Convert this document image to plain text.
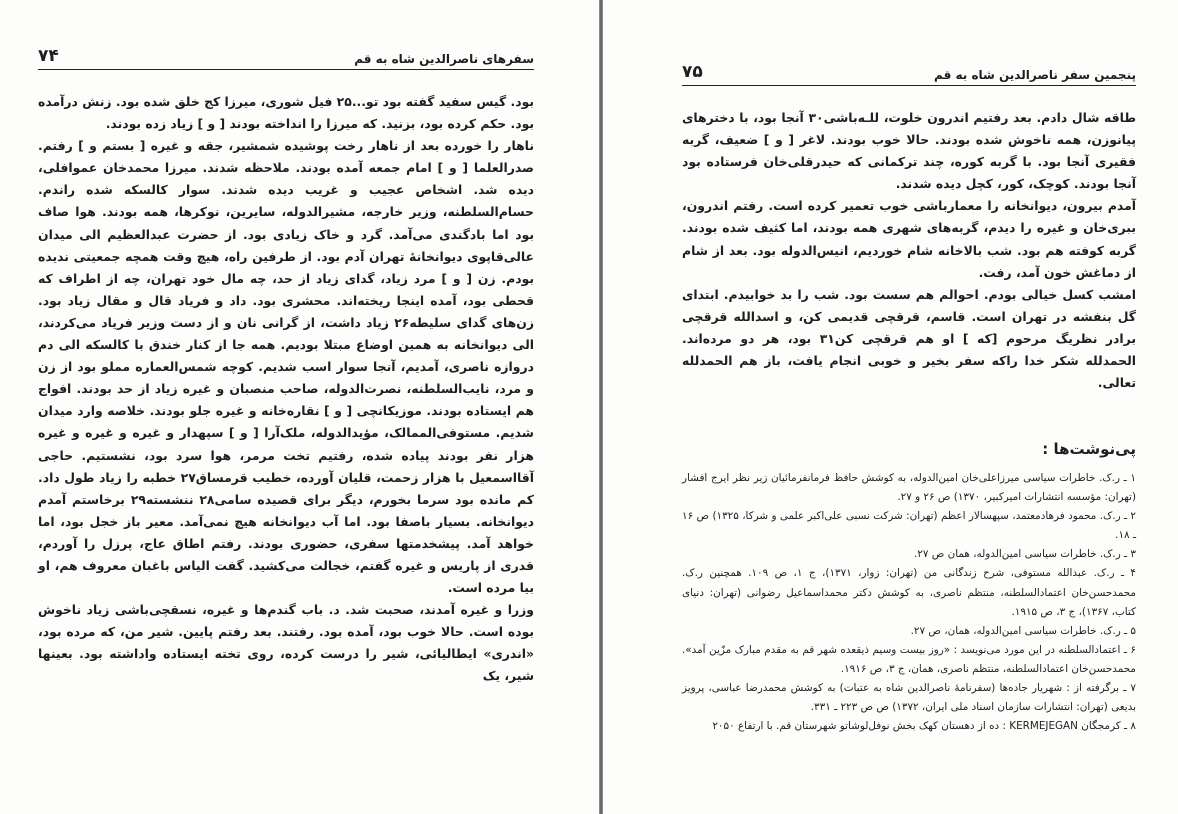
سفرهای ناصرالدین شاه به قم
۷۴

بود. گیس سفید گفته بود تو...۲۵ فیل شوری، میرزا کج خلق شده بود. زنش درآمده بود. حکم کرده بود، بزنید. که میرزا را انداخته بودند [ و ] زیاد زده بودند.

ناهار را خورده بعد از ناهار رخت پوشیده شمشیر، جقه و غیره [ بستم و ] رفتم. صدرالعلما [ و ] امام جمعه آمده بودند. ملاحظه شدند. میرزا محمدخان عموافلی، دیده شد. اشخاص عجیب و غریب دیده شدند. سوار کالسکه شده راندم. حسام‌السلطنه، وزیر خارجه، مشیرالدوله، سایرین، نوکرها، همه بودند. هوا صاف بود اما بادگندی می‌آمد. گرد و خاک زیادی بود. از حضرت عبدالعظیم الی میدان عالی‌قاپوی دیوانخانهٔ تهران آدم بود. از طرفین راه، هیچ وقت همچه جمعیتی ندیده بودم. زن [ و ] مرد زیاد، گدای زیاد از حد، چه مال خود تهران، چه از اطراف که قحطی بود، آمده اینجا ریخته‌اند. محشری بود. داد و فریاد قال و مقال زیاد بود. زن‌های گدای سلیطه۲۶ زیاد داشت، از گرانی نان و از دست وزیر فریاد می‌کردند، الی دیوانخانه به همین اوضاع مبتلا بودیم. همه جا از کنار خندق با کالسکه الی دم دروازه ناصری، آمدیم، آنجا سوار اسب شدیم. کوچه شمس‌العماره مملو بود از زن و مرد، نایب‌السلطنه، نصرت‌الدوله، صاحب منصبان و غیره زیاد از حد بودند. افواج هم ایستاده بودند. موزیکانچی [ و ] نقاره‌خانه و غیره جلو بودند. خلاصه وارد میدان شدیم. مستوفی‌الممالک، مؤیدالدوله، ملک‌آرا [ و ] سپهدار و غیره و غیره و غیره هزار نفر بودند پیاده شده، رفتیم تخت مرمر، هوا سرد بود، نشستیم. حاجی آقااسمعیل با هزار زحمت، قلیان آورده، خطیب قرمساق۲۷ خطبه را زیاد طول داد. کم مانده بود سرما بخورم، دیگر برای قصیده سامی۲۸ ننشسته۲۹ برخاستم آمدم دیوانخانه. بسیار باصفا بود. اما آب دیوانخانه هیچ نمی‌آمد. معیر باز خجل بود، اما خواهد آمد. پیشخدمتها سفری، حضوری بودند. رفتم اطاق عاج، پرزل را آوردم، قدری از پاریس و غیره گفتم، خجالت می‌کشید. گفت الیاس باغبان معروف هم، او بیا مرده است.

وزرا و غیره آمدند، صحبت شد. د. باب گندم‌ها و غیره، نسقچی‌باشی زیاد ناخوش بوده است. حالا خوب بود، آمده بود. رفتند. بعد رفتم پایین. شیر من، که مرده بود، «اندری» ایطالیائی، شیر را درست کرده، روی تخته ایستاده واداشته بود. بعینها شیر، یک

پنجمین سفر ناصرالدین شاه به قم
۷۵

طاقه شال دادم. بعد رفتیم اندرون خلوت، للـه‌باشی۳۰ آنجا بود، با دخترهای پیانوزن، همه ناخوش شده بودند. حالا خوب بودند. لاغر [ و ] ضعیف، گربه فقیری آنجا بود. با گربه کوره، چند ترکمانی که حیدرقلی‌خان فرستاده بود آنجا بودند. کوچک، کور، کچل دیده شدند.

آمدم بیرون، دیوانخانه را معمارباشی خوب تعمیر کرده است. رفتم اندرون، ببری‌خان و غیره را دیدم، گربه‌های شهری همه بودند، اما کثیف شده بودند. گربه کوفته هم بود. شب بالاخانه شام خوردیم، انیس‌الدوله بود. بعد از شام از دماغش خون آمد، رفت.

امشب کسل خیالی بودم. احوالم هم سست بود. شب را بد خوابیدم. ابتدای گل بنفشه در تهران است. قاسم، قرقچی قدیمی کن، و اسدالله قرقچی برادر نظریگ مرحوم [که ] او هم قرقچی کن۳۱ بود، هر دو مرده‌اند. الحمدلله شکر خدا راکه سفر بخیر و خوبی انجام یافت، باز هم الحمدلله تعالی.

پی‌نوشت‌ها :

۱ ـ ر.ک. خاطرات سیاسی میرزاعلی‌خان امین‌الدوله، به کوشش حافظ فرمانفرمائیان زیر نظر ایرج افشار (تهران: مؤسسه انتشارات امیرکبیر، ۱۳۷۰) ص ۲۶ و ۲۷.

۲ ـ ر.ک. محمود فرهادمعتمد، سپهسالار اعظم (تهران: شرکت نسبی علی‌اکبر علمی و شرکا، ۱۳۲۵) ص ۱۶ ـ ۱۸.

۳ ـ ر.ک. خاطرات سیاسی امین‌الدوله، همان ص ۲۷.

۴ ـ ر.ک. عبدالله مستوفی، شرح زندگانی من (تهران: زوار، ۱۳۷۱)، ج ۱، ص ۱۰۹. همچنین ر.ک. محمدحسن‌خان اعتمادالسلطنه، منتظم ناصری، به کوشش دکتر محمداسماعیل رضوانی (تهران: دنیای کتاب، ۱۳۶۷)، ج ۳، ص ۱۹۱۵.

۵ ـ ر.ک. خاطرات سیاسی امین‌الدوله، همان، ص ۲۷.

۶ ـ اعتمادالسلطنه در این مورد می‌نویسد : «روز بیست وسیم ذیقعده شهر قم به مقدم مبارک مزّین آمد». محمدحسن‌خان اعتمادالسلطنه، منتظم ناصری، همان، ج ۳، ص ۱۹۱۶.

۷ ـ برگرفته از : شهریار جاده‌ها (سفرنامهٔ ناصرالدین شاه به عتبات) به کوشش محمدرضا عباسی، پرویز بدیعی (تهران: انتشارات سازمان اسناد ملی ایران، ۱۳۷۲) ص ص ۲۲۳ ـ ۳۳۱.

۸ ـ کرمجگان KERMEJEGAN : ده از دهستان کهک بخش نوفل‌لوشاتو شهرستان قم. با ارتفاع ۲۰۵۰
